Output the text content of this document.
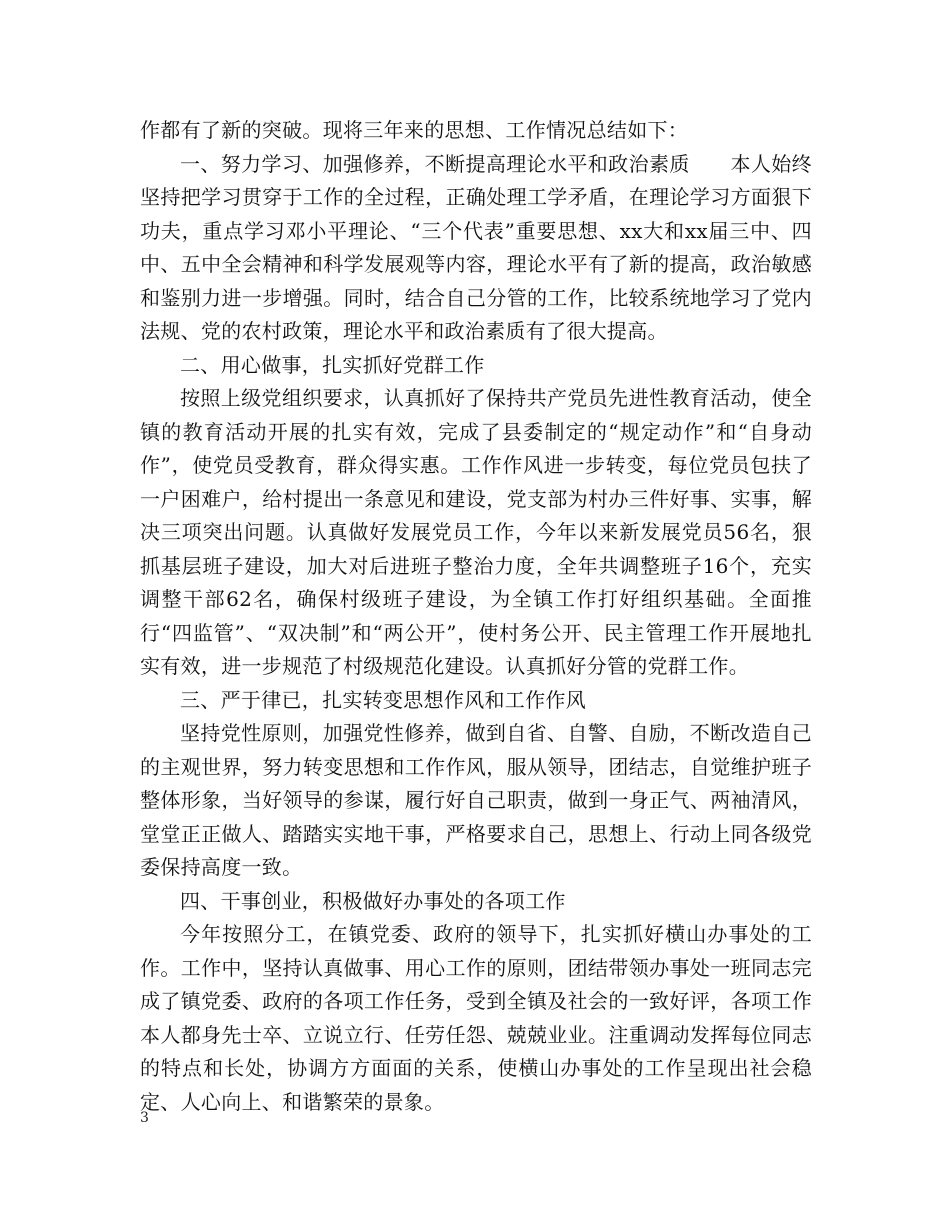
作都有了新的突破。现将三年来的思想、工作情况总结如下：

一、努力学习、加强修养，不断提高理论水平和政治素质　　本人始终坚持把学习贯穿于工作的全过程，正确处理工学矛盾，在理论学习方面狠下功夫，重点学习邓小平理论、“三个代表”重要思想、xx大和xx届三中、四中、五中全会精神和科学发展观等内容，理论水平有了新的提高，政治敏感和鉴别力进一步增强。同时，结合自己分管的工作，比较系统地学习了党内法规、党的农村政策，理论水平和政治素质有了很大提高。

二、用心做事，扎实抓好党群工作

按照上级党组织要求，认真抓好了保持共产党员先进性教育活动，使全镇的教育活动开展的扎实有效，完成了县委制定的“规定动作”和“自身动作”，使党员受教育，群众得实惠。工作作风进一步转变，每位党员包扶了一户困难户，给村提出一条意见和建设，党支部为村办三件好事、实事，解决三项突出问题。认真做好发展党员工作，今年以来新发展党员56名，狠抓基层班子建设，加大对后进班子整治力度，全年共调整班子16个，充实调整干部62名，确保村级班子建设，为全镇工作打好组织基础。全面推行“四监管”、“双决制”和“两公开”，使村务公开、民主管理工作开展地扎实有效，进一步规范了村级规范化建设。认真抓好分管的党群工作。

三、严于律已，扎实转变思想作风和工作作风

坚持党性原则，加强党性修养，做到自省、自警、自励，不断改造自己的主观世界，努力转变思想和工作作风，服从领导，团结志，自觉维护班子整体形象，当好领导的参谋，履行好自己职责，做到一身正气、两袖清风，堂堂正正做人、踏踏实实地干事，严格要求自己，思想上、行动上同各级党委保持高度一致。

四、干事创业，积极做好办事处的各项工作

今年按照分工，在镇党委、政府的领导下，扎实抓好横山办事处的工作。工作中，坚持认真做事、用心工作的原则，团结带领办事处一班同志完成了镇党委、政府的各项工作任务，受到全镇及社会的一致好评，各项工作本人都身先士卒、立说立行、任劳任怨、兢兢业业。注重调动发挥每位同志的特点和长处，协调方方面面的关系，使横山办事处的工作呈现出社会稳定、人心向上、和谐繁荣的景象。

3
